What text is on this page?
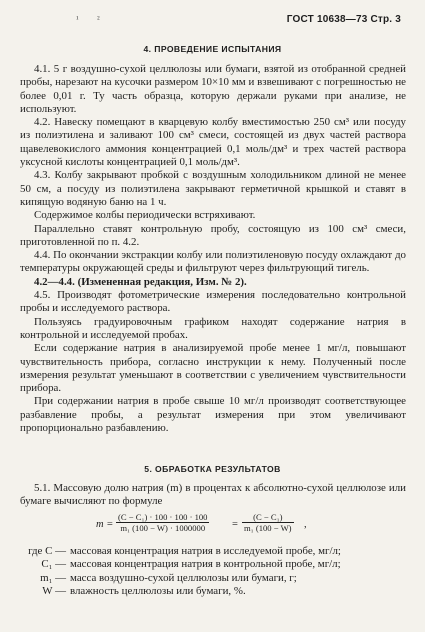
¹ ²	ГОСТ 10638—73 Стр. 3
4. ПРОВЕДЕНИЕ ИСПЫТАНИЯ

4.1. 5 г воздушно-сухой целлюлозы или бумаги, взятой из отобранной средней пробы, нарезают на кусочки размером 10×10 мм и взвешивают с погрешностью не более 0,01 г. Ту часть образца, которую держали руками при анализе, не используют.

4.2. Навеску помещают в кварцевую колбу вместимостью 250 см³ или посуду из полиэтилена и заливают 100 см³ смеси, состоящей из двух частей раствора щавелевокислого аммония концентрацией 0,1 моль/дм³ и трех частей раствора уксусной кислоты концентрацией 0,1 моль/дм³.

4.3. Колбу закрывают пробкой с воздушным холодильником длиной не менее 50 см, а посуду из полиэтилена закрывают герметичной крышкой и ставят в кипящую водяную баню на 1 ч.

Содержимое колбы периодически встряхивают.

Параллельно ставят контрольную пробу, состоящую из 100 см³ смеси, приготовленной по п. 4.2.

4.4. По окончании экстракции колбу или полиэтиленовую посуду охлаждают до температуры окружающей среды и фильтруют через фильтрующий тигель.

4.2—4.4. (Измененная редакция, Изм. № 2).

4.5. Производят фотометрические измерения последовательно контрольной пробы и исследуемого раствора.

Пользуясь градуировочным графиком находят содержание натрия в контрольной и исследуемой пробах.

Если содержание натрия в анализируемой пробе менее 1 мг/л, повышают чувствительность прибора, согласно инструкции к нему. Полученный после измерения результат уменьшают в соответствии с увеличением чувствительности прибора.

При содержании натрия в пробе свыше 10 мг/л производят соответствующее разбавление пробы, а результат измерения при этом увеличивают пропорционально разбавлению.

5. ОБРАБОТКА РЕЗУЛЬТАТОВ

5.1. Массовую долю натрия (m) в процентах к абсолютно-сухой целлюлозе или бумаге вычисляют по формуле

$m = \frac{\text{(C − C₁) · 100 · 100 · 100}}{\text{m₁ (100 − W) · 1000000}} = \frac{\text{(C − C₁)}}{\text{m₁ (100 − W)}}$ ,
где C — массовая концентрация натрия в исследуемой пробе, мг/л;
C₁ — массовая концентрация натрия в контрольной пробе, мг/л;
m₁ — масса воздушно-сухой целлюлозы или бумаги, г;
W — влажность целлюлозы или бумаги, %.
